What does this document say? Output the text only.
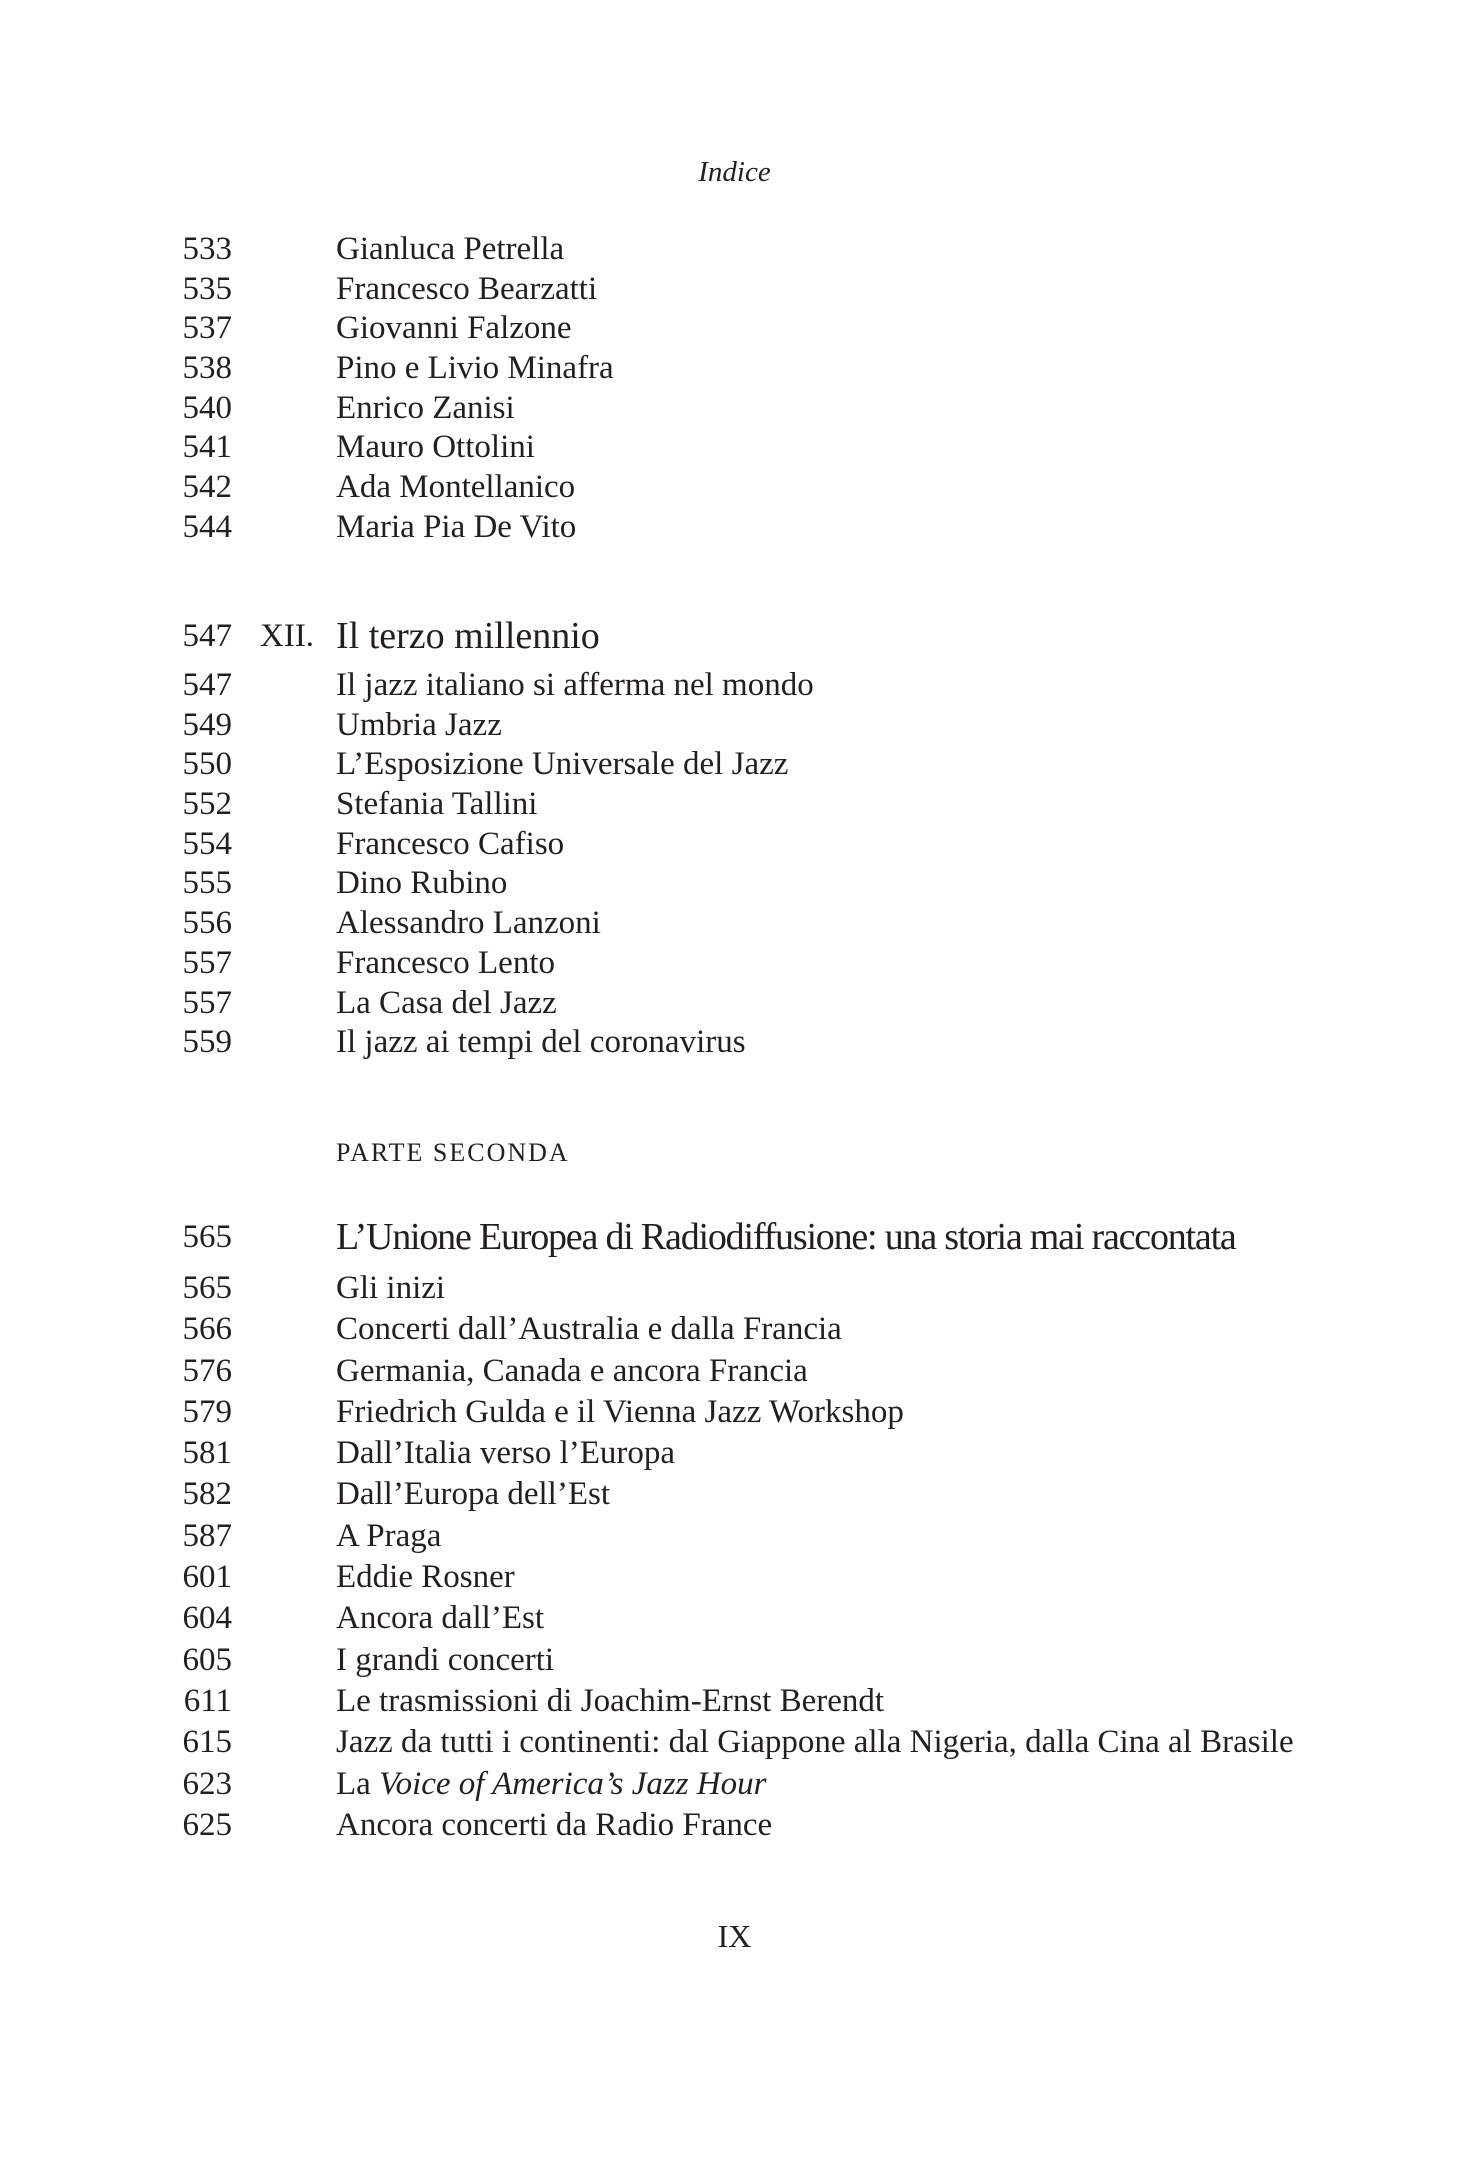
Indice
533	Gianluca Petrella
535	Francesco Bearzatti
537	Giovanni Falzone
538	Pino e Livio Minafra
540	Enrico Zanisi
541	Mauro Ottolini
542	Ada Montellanico
544	Maria Pia De Vito
547 XII. Il terzo millennio
547	Il jazz italiano si afferma nel mondo
549	Umbria Jazz
550	L’Esposizione Universale del Jazz
552	Stefania Tallini
554	Francesco Cafiso
555	Dino Rubino
556	Alessandro Lanzoni
557	Francesco Lento
557	La Casa del Jazz
559	Il jazz ai tempi del coronavirus
PARTE SECONDA
565	L’Unione Europea di Radiodiffusione: una storia mai raccontata
565	Gli inizi
566	Concerti dall’Australia e dalla Francia
576	Germania, Canada e ancora Francia
579	Friedrich Gulda e il Vienna Jazz Workshop
581	Dall’Italia verso l’Europa
582	Dall’Europa dell’Est
587	A Praga
601	Eddie Rosner
604	Ancora dall’Est
605	I grandi concerti
611	Le trasmissioni di Joachim-Ernst Berendt
615	Jazz da tutti i continenti: dal Giappone alla Nigeria, dalla Cina al Brasile
623	La Voice of America’s Jazz Hour
625	Ancora concerti da Radio France
IX
